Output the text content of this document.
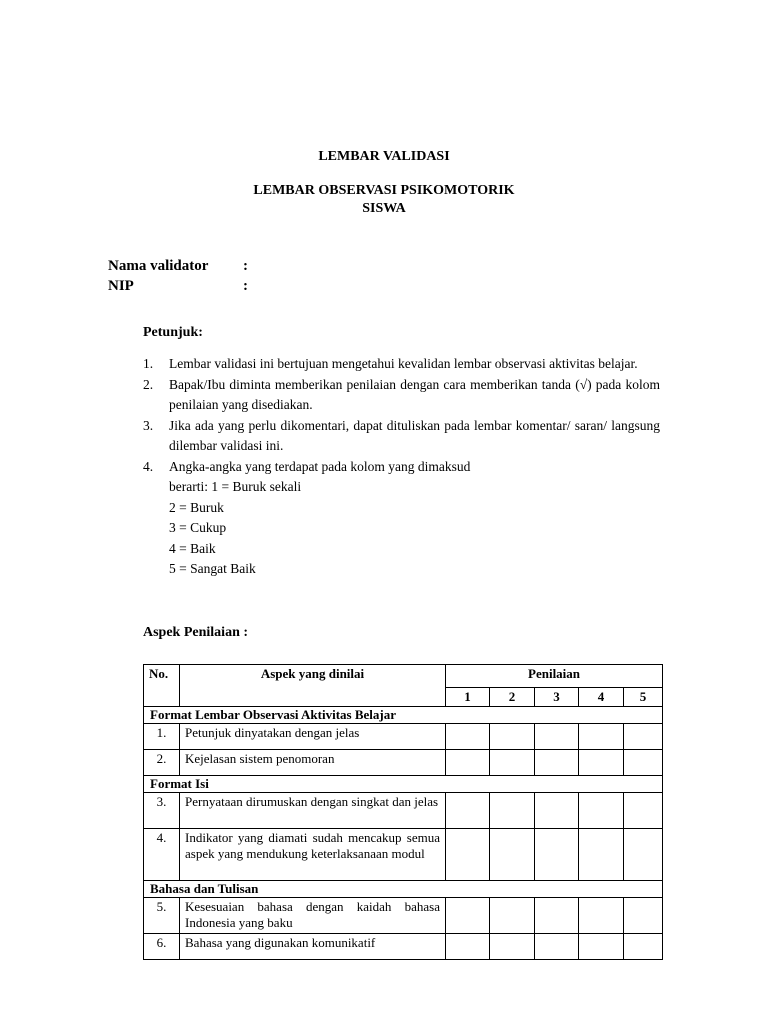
LEMBAR VALIDASI
LEMBAR OBSERVASI PSIKOMOTORIK
SISWA
Nama validator :
NIP	:
Petunjuk:
1. Lembar validasi ini bertujuan mengetahui kevalidan lembar observasi aktivitas belajar.
2. Bapak/Ibu diminta memberikan penilaian dengan cara memberikan tanda (√) pada kolom penilaian yang disediakan.
3. Jika ada yang perlu dikomentari, dapat dituliskan pada lembar komentar/ saran/ langsung dilembar validasi ini.
4. Angka-angka yang terdapat pada kolom yang dimaksud
berarti: 1 = Buruk sekali
2 = Buruk
3 = Cukup
4 = Baik
5 = Sangat Baik
Aspek Penilaian :
No.	Aspek yang dinilai	Penilaian				
		1	2	3	4	5
Format Lembar Observasi Aktivitas Belajar						
1.	Petunjuk dinyatakan dengan jelas					
2.	Kejelasan sistem penomoran					
Format Isi						
3.	Pernyataan dirumuskan dengan singkat dan jelas					
4.	Indikator yang diamati sudah mencakup semua aspek yang mendukung keterlaksanaan modul					
Bahasa dan Tulisan						
5.	Kesesuaian bahasa dengan kaidah bahasa Indonesia yang baku					
6.	Bahasa yang digunakan komunikatif					
